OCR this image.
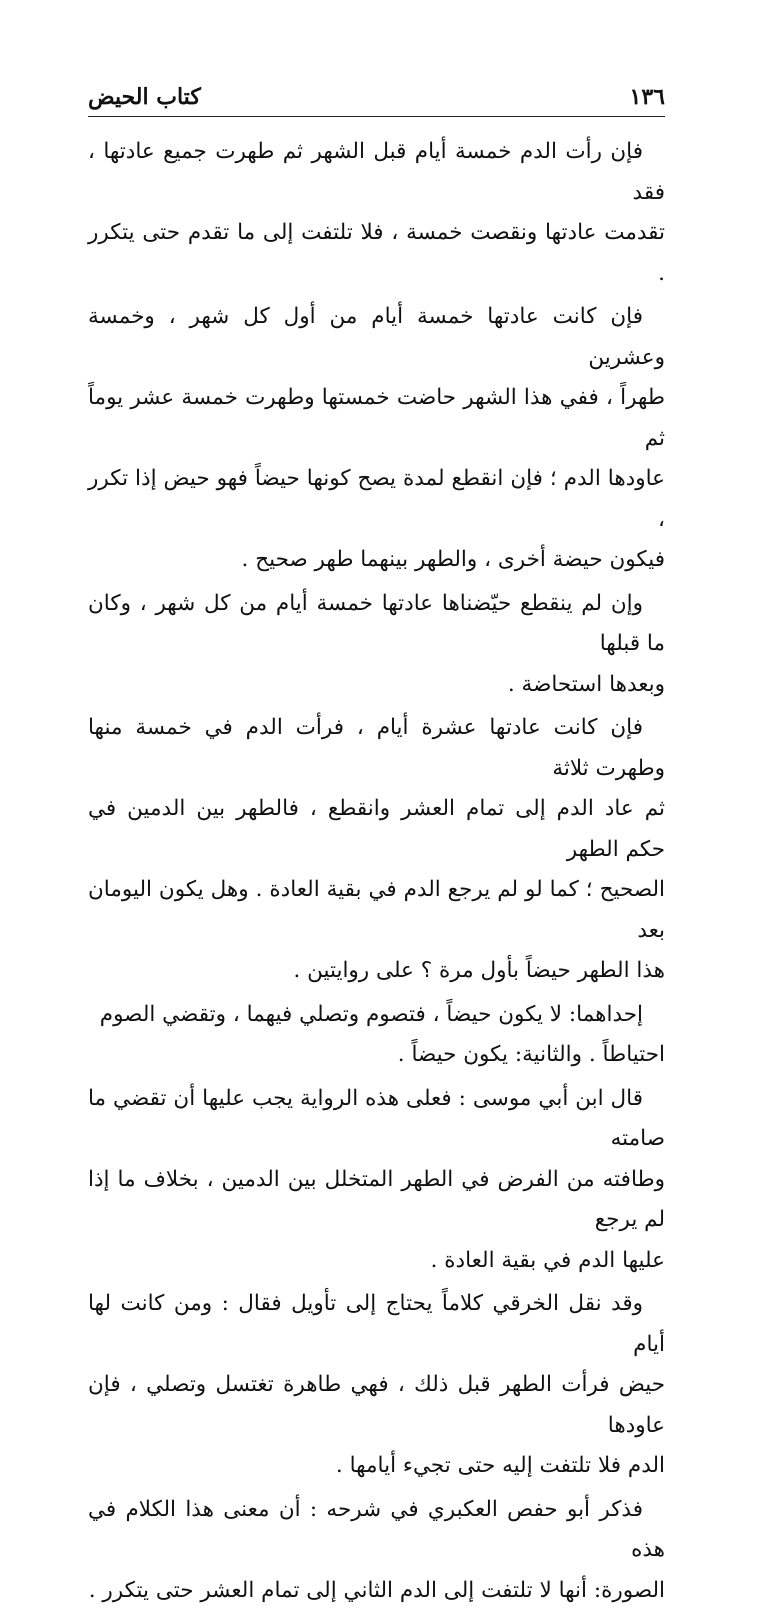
١٣٦
كتاب الحيض

فإن رأت الدم خمسة أيام قبل الشهر ثم طهرت جميع عادتها ، فقد

تقدمت عادتها ونقصت خمسة ، فلا تلتفت إلى ما تقدم حتى يتكرر .

فإن كانت عادتها خمسة أيام من أول كل شهر ، وخمسة وعشرين

طهراً ، ففي هذا الشهر حاضت خمستها وطهرت خمسة عشر يوماً ثم

عاودها الدم ؛ فإن انقطع لمدة يصح كونها حيضاً فهو حيض إذا تكرر ،

فيكون حيضة أخرى ، والطهر بينهما طهر صحيح .

وإن لم ينقطع حيّضناها عادتها خمسة أيام من كل شهر ، وكان ما قبلها

وبعدها استحاضة .

فإن كانت عادتها عشرة أيام ، فرأت الدم في خمسة منها وطهرت ثلاثة

ثم عاد الدم إلى تمام العشر وانقطع ، فالطهر بين الدمين في حكم الطهر

الصحيح ؛ كما لو لم يرجع الدم في بقية العادة . وهل يكون اليومان بعد

هذا الطهر حيضاً بأول مرة ؟ على روايتين .

إحداهما: لا يكون حيضاً ، فتصوم وتصلي فيهما ، وتقضي الصوم

احتياطاً . والثانية: يكون حيضاً .

قال ابن أبي موسى : فعلى هذه الرواية يجب عليها أن تقضي ما صامته

وطافته من الفرض في الطهر المتخلل بين الدمين ، بخلاف ما إذا لم يرجع

عليها الدم في بقية العادة .

وقد نقل الخرقي كلاماً يحتاج إلى تأويل فقال : ومن كانت لها أيام

حيض فرأت الطهر قبل ذلك ، فهي طاهرة تغتسل وتصلي ، فإن عاودها

الدم فلا تلتفت إليه حتى تجيء أيامها .

فذكر أبو حفص العكبري في شرحه : أن معنى هذا الكلام في هذه

الصورة: أنها لا تلتفت إلى الدم الثاني إلى تمام العشر حتى يتكرر .
